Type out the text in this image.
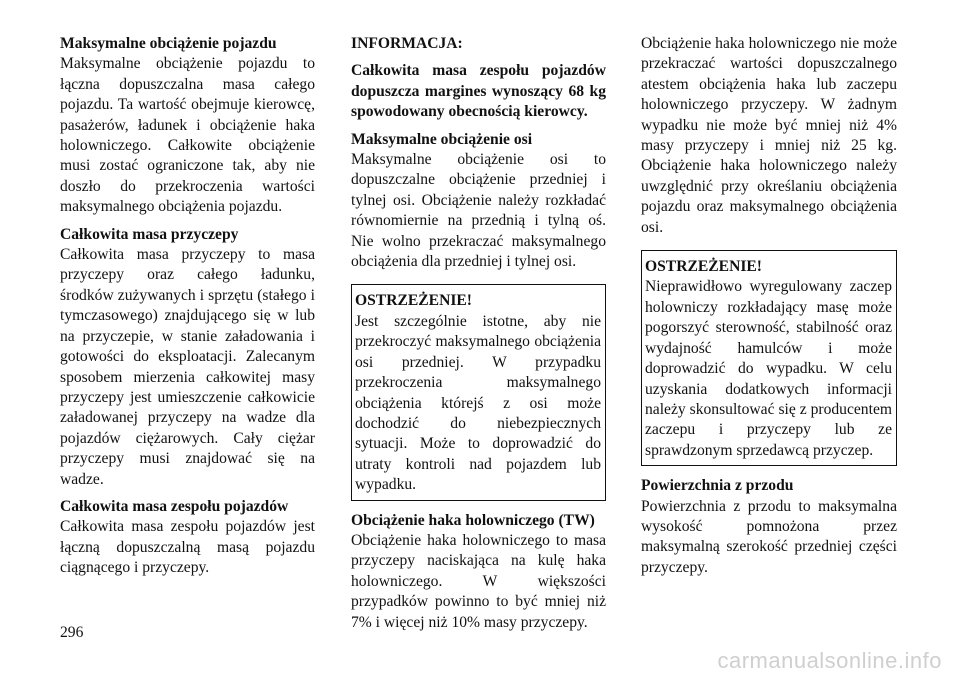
Maksymalne obciążenie pojazdu
Maksymalne obciążenie pojazdu to łączna dopuszczalna masa całego pojazdu. Ta wartość obejmuje kierowcę, pasażerów, ładunek i obciążenie haka holowniczego. Całkowite obciążenie musi zostać ograniczone tak, aby nie doszło do przekroczenia wartości maksymalnego obciążenia pojazdu.
Całkowita masa przyczepy
Całkowita masa przyczepy to masa przyczepy oraz całego ładunku, środków zużywanych i sprzętu (stałego i tymczasowego) znajdującego się w lub na przyczepie, w stanie załadowania i gotowości do eksploatacji. Zalecanym sposobem mierzenia całkowitej masy przyczepy jest umieszczenie całkowicie załadowanej przyczepy na wadze dla pojazdów ciężarowych. Cały ciężar przyczepy musi znajdować się na wadze.
Całkowita masa zespołu pojazdów
Całkowita masa zespołu pojazdów jest łączną dopuszczalną masą pojazdu ciągnącego i przyczepy.
INFORMACJA:
Całkowita masa zespołu pojazdów dopuszcza margines wynoszący 68 kg spowodowany obecnością kierowcy.
Maksymalne obciążenie osi
Maksymalne obciążenie osi to dopuszczalne obciążenie przedniej i tylnej osi. Obciążenie należy rozkładać równomiernie na przednią i tylną oś. Nie wolno przekraczać maksymalnego obciążenia dla przedniej i tylnej osi.
OSTRZEŻENIE!
Jest szczególnie istotne, aby nie przekroczyć maksymalnego obciążenia osi przedniej. W przypadku przekroczenia maksymalnego obciążenia którejś z osi może dochodzić do niebezpiecznych sytuacji. Może to doprowadzić do utraty kontroli nad pojazdem lub wypadku.
Obciążenie haka holowniczego (TW)
Obciążenie haka holowniczego to masa przyczepy naciskająca na kulę haka holowniczego. W większości przypadków powinno to być mniej niż 7% i więcej niż 10% masy przyczepy.
Obciążenie haka holowniczego nie może przekraczać wartości dopuszczalnego atestem obciążenia haka lub zaczepu holowniczego przyczepy. W żadnym wypadku nie może być mniej niż 4% masy przyczepy i mniej niż 25 kg. Obciążenie haka holowniczego należy uwzględnić przy określaniu obciążenia pojazdu oraz maksymalnego obciążenia osi.
OSTRZEŻENIE!
Nieprawidłowo wyregulowany zaczep holowniczy rozkładający masę może pogorszyć sterowność, stabilność oraz wydajność hamulców i może doprowadzić do wypadku. W celu uzyskania dodatkowych informacji należy skonsultować się z producentem zaczepu i przyczepy lub ze sprawdzonym sprzedawcą przyczep.
Powierzchnia z przodu
Powierzchnia z przodu to maksymalna wysokość pomnożona przez maksymalną szerokość przedniej części przyczepy.
296
carmanualsonline.info
